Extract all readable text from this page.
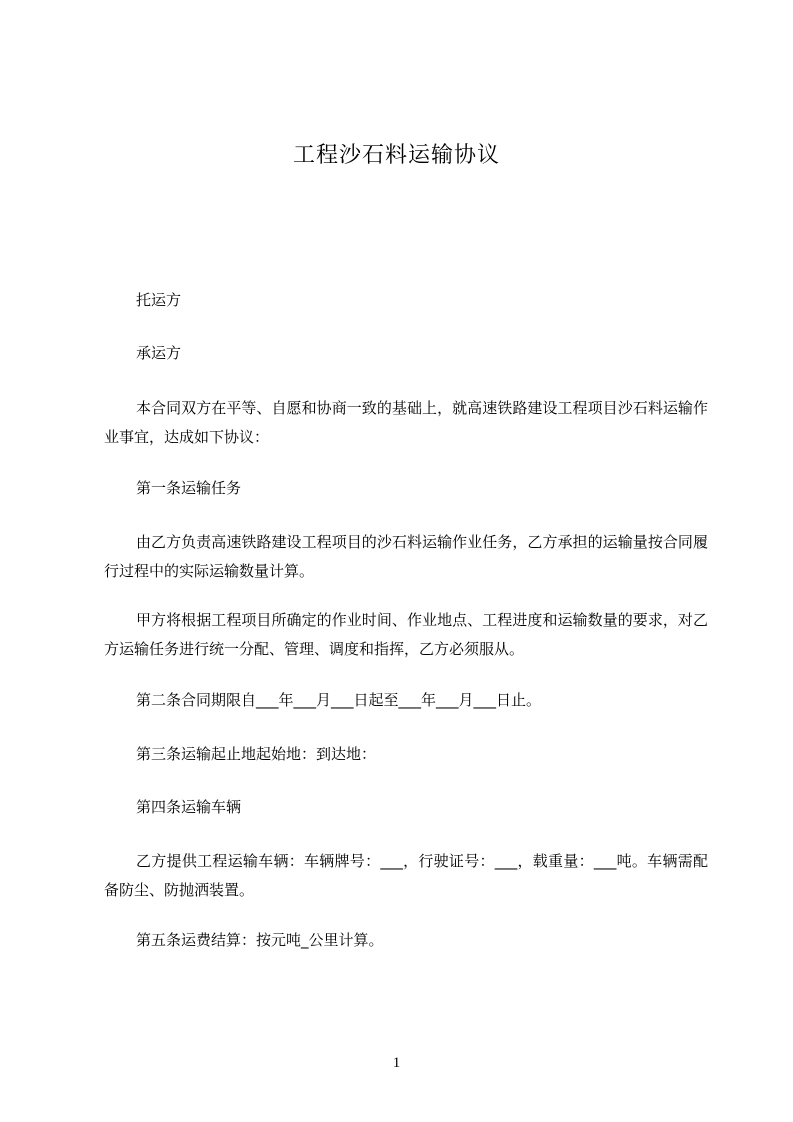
工程沙石料运输协议
托运方
承运方
本合同双方在平等、自愿和协商一致的基础上，就高速铁路建设工程项目沙石料运输作业事宜，达成如下协议：
第一条运输任务
由乙方负责高速铁路建设工程项目的沙石料运输作业任务，乙方承担的运输量按合同履行过程中的实际运输数量计算。
甲方将根据工程项目所确定的作业时间、作业地点、工程进度和运输数量的要求，对乙方运输任务进行统一分配、管理、调度和指挥，乙方必须服从。
第二条合同期限自___年___月___日起至___年___月___日止。
第三条运输起止地起始地：到达地：
第四条运输车辆
乙方提供工程运输车辆：车辆牌号：___，行驶证号：___，载重量：___吨。车辆需配备防尘、防抛洒装置。
第五条运费结算：按元吨_公里计算。
1
